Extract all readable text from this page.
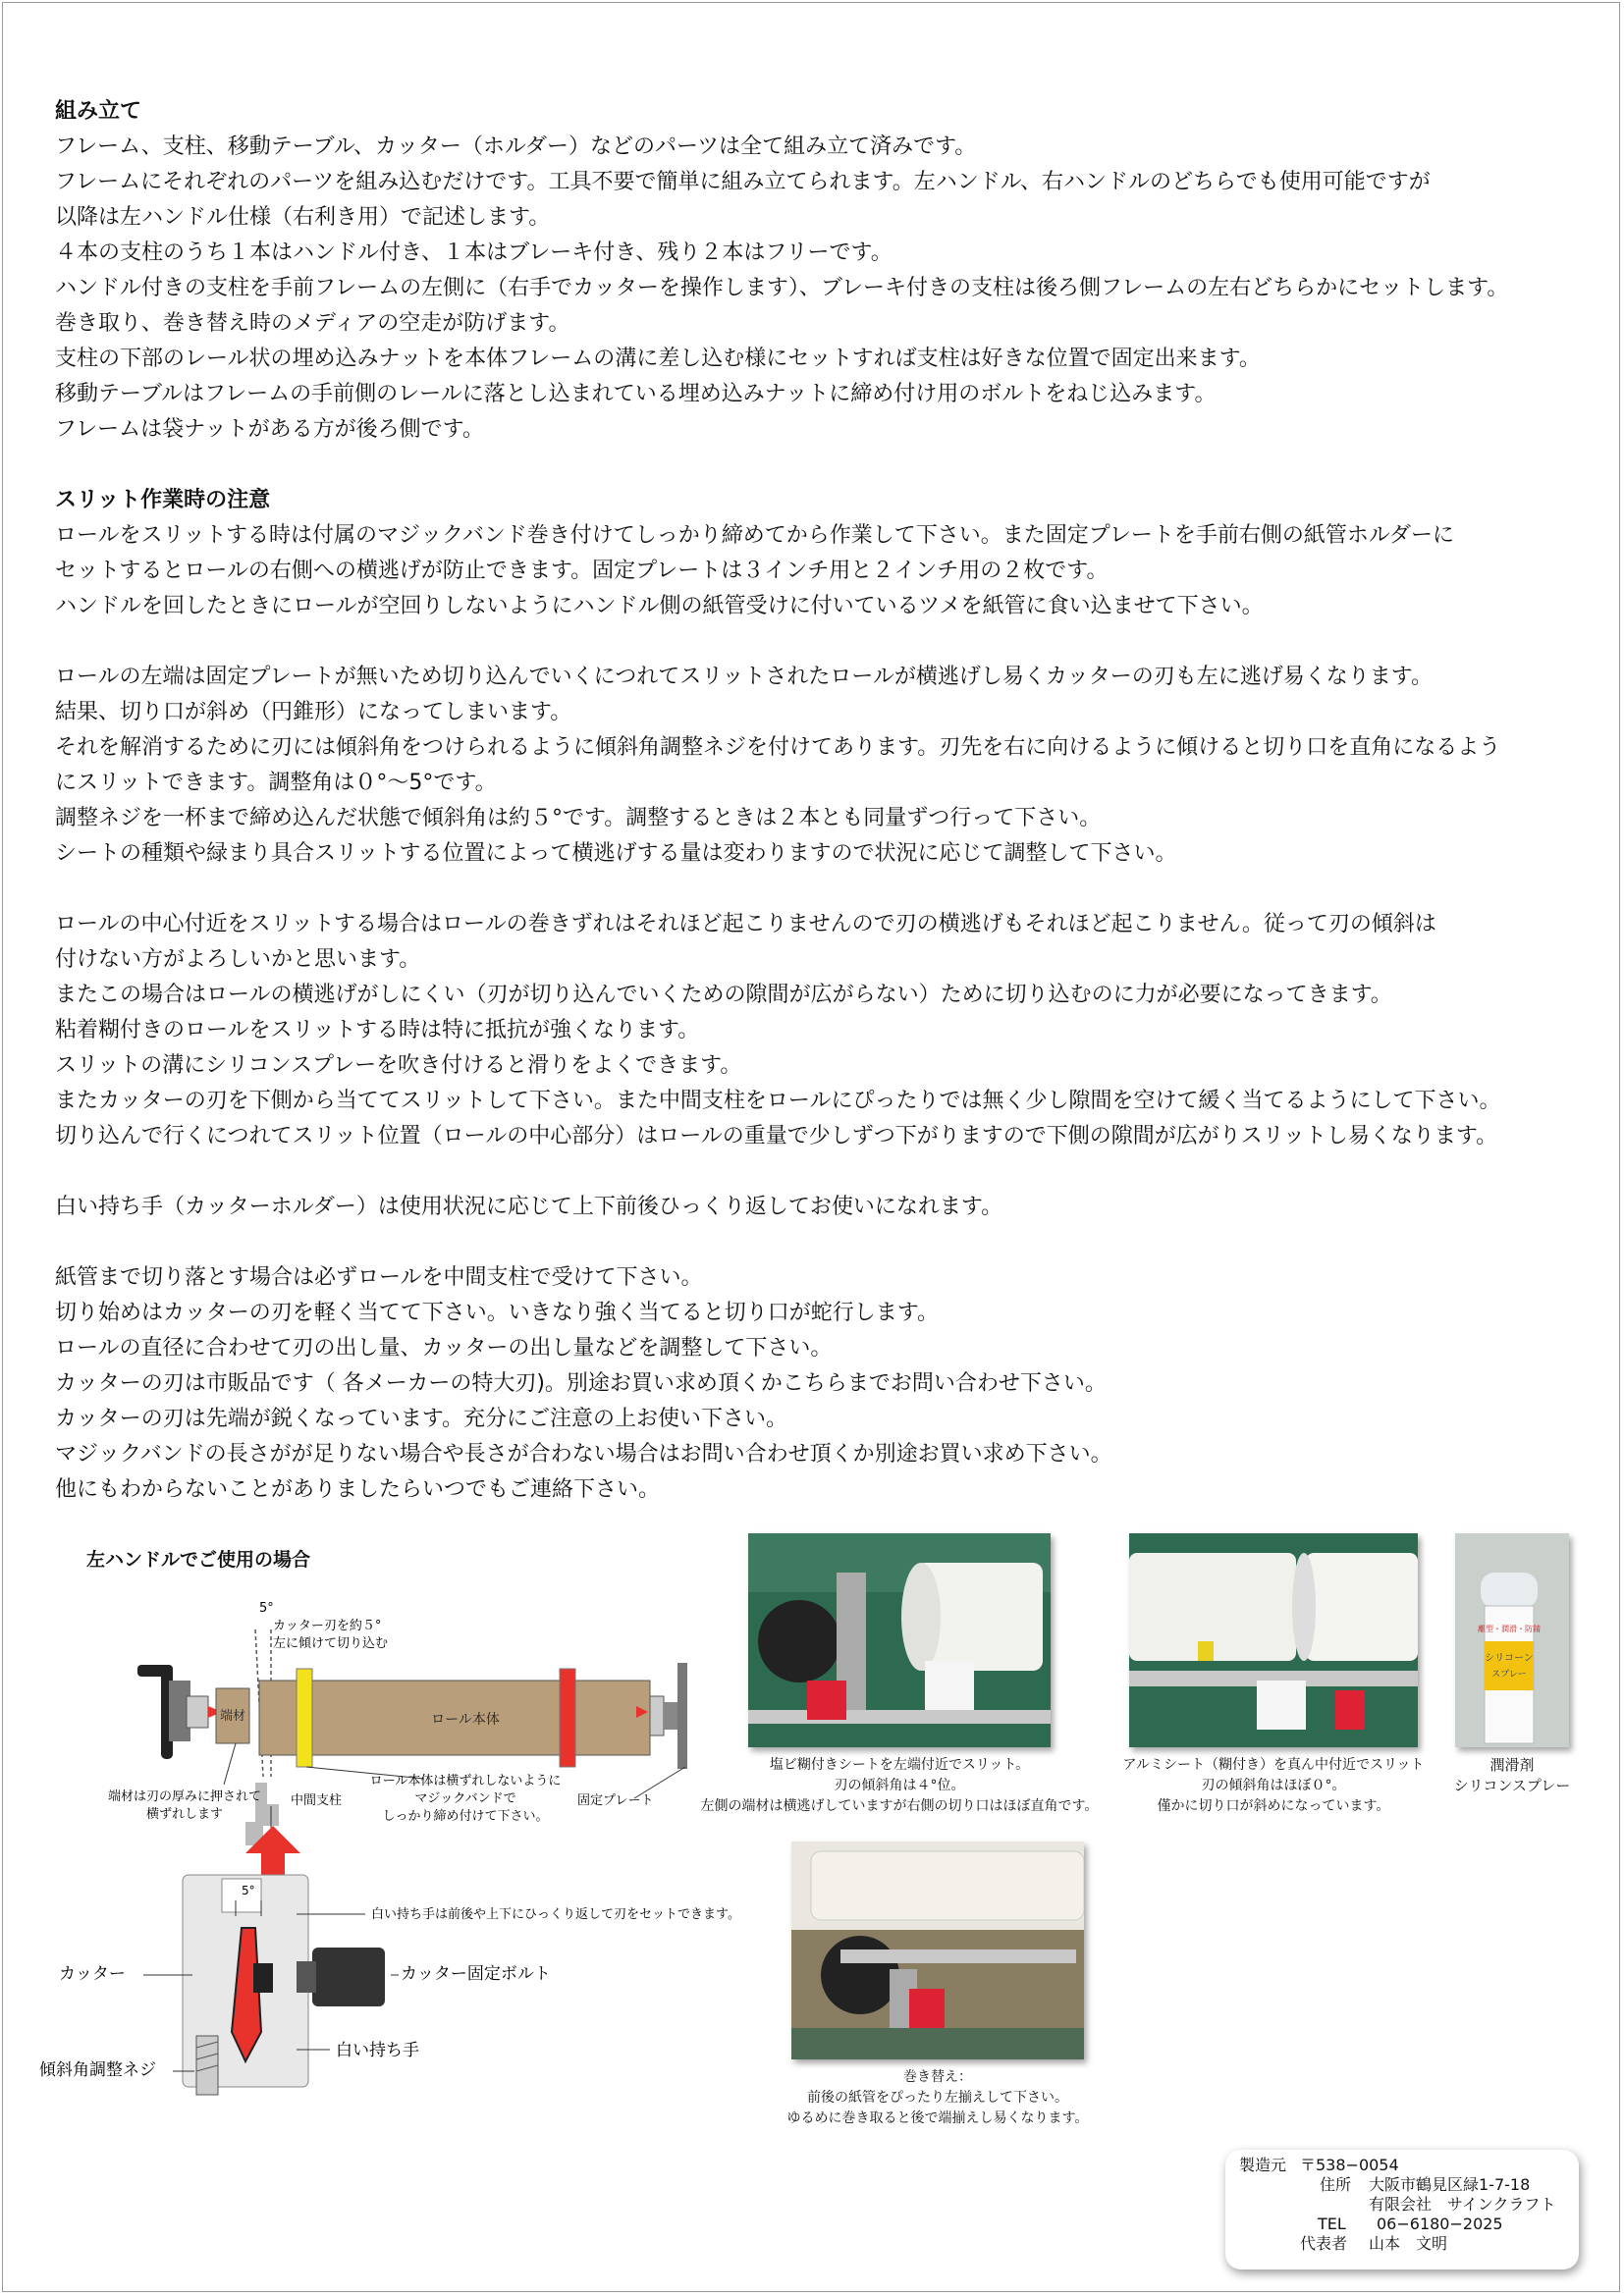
組み立て

フレーム、支柱、移動テーブル、カッター（ホルダー）などのパーツは全て組み立て済みです。

フレームにそれぞれのパーツを組み込むだけです。工具不要で簡単に組み立てられます。左ハンドル、右ハンドルのどちらでも使用可能ですが

以降は左ハンドル仕様（右利き用）で記述します。

４本の支柱のうち１本はハンドル付き、１本はブレーキ付き、残り２本はフリーです。

ハンドル付きの支柱を手前フレームの左側に（右手でカッターを操作します）、ブレーキ付きの支柱は後ろ側フレームの左右どちらかにセットします。

巻き取り、巻き替え時のメディアの空走が防げます。

支柱の下部のレール状の埋め込みナットを本体フレームの溝に差し込む様にセットすれば支柱は好きな位置で固定出来ます。

移動テーブルはフレームの手前側のレールに落とし込まれている埋め込みナットに締め付け用のボルトをねじ込みます。

フレームは袋ナットがある方が後ろ側です。

スリット作業時の注意

ロールをスリットする時は付属のマジックバンド巻き付けてしっかり締めてから作業して下さい。また固定プレートを手前右側の紙管ホルダーに

セットするとロールの右側への横逃げが防止できます。固定プレートは３インチ用と２インチ用の２枚です。

ハンドルを回したときにロールが空回りしないようにハンドル側の紙管受けに付いているツメを紙管に食い込ませて下さい。

ロールの左端は固定プレートが無いため切り込んでいくにつれてスリットされたロールが横逃げし易くカッターの刃も左に逃げ易くなります。

結果、切り口が斜め（円錐形）になってしまいます。

それを解消するために刃には傾斜角をつけられるように傾斜角調整ネジを付けてあります。刃先を右に向けるように傾けると切り口を直角になるよう

にスリットできます。調整角は０°～5°です。

調整ネジを一杯まで締め込んだ状態で傾斜角は約５°です。調整するときは２本とも同量ずつ行って下さい。

シートの種類や緑まり具合スリットする位置によって横逃げする量は変わりますので状況に応じて調整して下さい。

ロールの中心付近をスリットする場合はロールの巻きずれはそれほど起こりませんので刃の横逃げもそれほど起こりません。従って刃の傾斜は

付けない方がよろしいかと思います。

またこの場合はロールの横逃げがしにくい（刃が切り込んでいくための隙間が広がらない）ために切り込むのに力が必要になってきます。

粘着糊付きのロールをスリットする時は特に抵抗が強くなります。

スリットの溝にシリコンスプレーを吹き付けると滑りをよくできます。

またカッターの刃を下側から当ててスリットして下さい。また中間支柱をロールにぴったりでは無く少し隙間を空けて緩く当てるようにして下さい。

切り込んで行くにつれてスリット位置（ロールの中心部分）はロールの重量で少しずつ下がりますので下側の隙間が広がりスリットし易くなります。

白い持ち手（カッターホルダー）は使用状況に応じて上下前後ひっくり返してお使いになれます。

紙管まで切り落とす場合は必ずロールを中間支柱で受けて下さい。

切り始めはカッターの刃を軽く当てて下さい。いきなり強く当てると切り口が蛇行します。

ロールの直径に合わせて刃の出し量、カッターの出し量などを調整して下さい。

カッターの刃は市販品です（ 各メーカーの特大刃)。別途お買い求め頂くかこちらまでお問い合わせ下さい。

カッターの刃は先端が鋭くなっています。充分にご注意の上お使い下さい。

マジックバンドの長さがが足りない場合や長さが合わない場合はお問い合わせ頂くか別途お買い求め下さい。

他にもわからないことがありましたらいつでもご連絡下さい。

左ハンドルでご使用の場合
端材
5°
カッター刃を約５°
左に傾けて切り込む
ロール本体
端材は刃の厚みに押されて
横ずれします
中間支柱
ロール本体は横ずれしないように
マジックバンドで
しっかり締め付けて下さい。
固定プレート
5°
白い持ち手は前後や上下にひっくり返して刃をセットできます。
カッター	カッター固定ボルト
白い持ち手
傾斜角調整ネジ
塩ビ糊付きシートを左端付近でスリット。
刃の傾斜角は４°位。
左側の端材は横逃げしていますが右側の切り口はほぼ直角です。
アルミシート（糊付き）を真ん中付近でスリット
刃の傾斜角はほぼ０°。
僅かに切り口が斜めになっています。
離型・潤滑・防錆
シリコーン
スプレー
潤滑剤
シリコンスプレー
巻き替え：
前後の紙管をぴったり左揃えして下さい。
ゆるめに巻き取ると後で端揃えし易くなります。
製造元 〒538−0054
住所 大阪市鶴見区緑1-7-18
有限会社　サインクラフト
TEL 06−6180−2025
代表者 山本　文明
